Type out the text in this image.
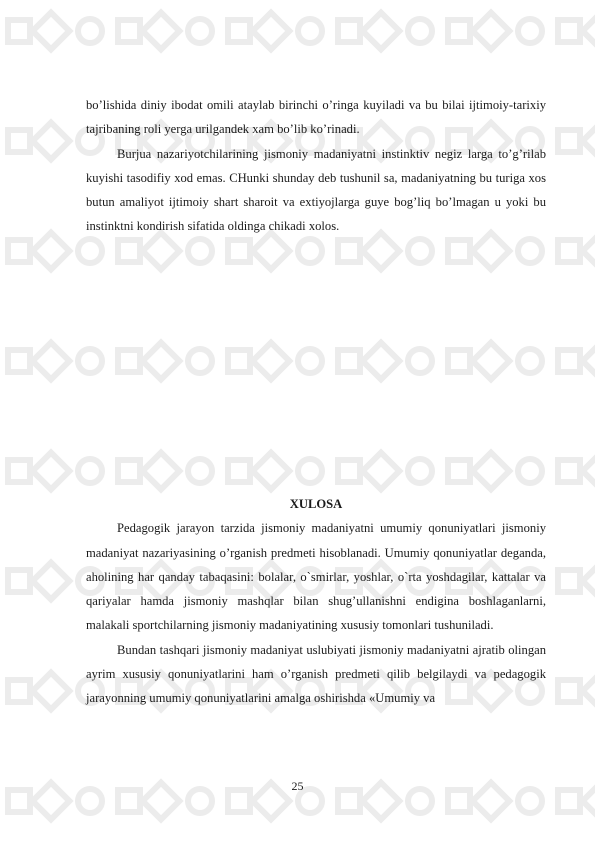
bo’lishida diniy ibodat omili ataylab birinchi o’ringa kuyiladi va bu bilai ijtimoiy-tarixiy tajribaning roli yerga urilgandek xam bo’lib ko’rinadi.

Burjua nazariyotchilarining jismoniy madaniyatni instinktiv negiz larga to’g’rilab kuyishi tasodifiy xod emas. CHunki shunday deb tushunil sa, madaniyatning bu turiga xos butun amaliyot ijtimoiy shart sharoit va extiyojlarga guye bog’liq bo’lmagan u yoki bu instinktni kondirish sifatida oldinga chikadi xolos.

XULOSA

Pedagogik jarayon tarzida jismoniy madaniyatni umumiy qonuniyatlari jismoniy madaniyat nazariyasining o’rganish predmeti hisoblanadi. Umumiy qonuniyatlar deganda, aholining har qanday tabaqasini: bolalar, o`smirlar, yoshlar, o`rta yoshdagilar, kattalar va qariyalar hamda jismoniy mashqlar bilan shug’ullanishni endigina boshlaganlarni, malakali sportchilarning jismoniy madaniyatining xususiy tomonlari tushuniladi.

Bundan tashqari jismoniy madaniyat uslubiyati jismoniy madaniyatni ajratib olingan ayrim xususiy qonuniyatlarini ham o’rganish predmeti qilib belgilaydi va pedagogik jarayonning umumiy qonuniyatlarini amalga oshirishda «Umumiy va

25
